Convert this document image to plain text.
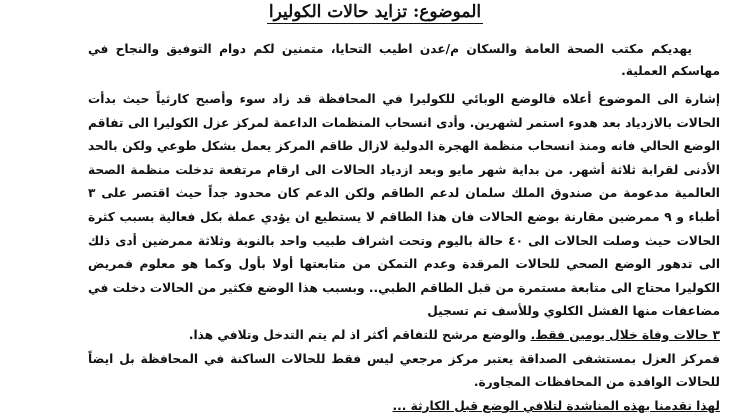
الموضوع: تزايد حالات الكوليرا

يهديكم مكتب الصحة العامة والسكان م/عدن اطيب التحايا، متمنين لكم دوام التوفيق والنجاح في مهاسكم العملية.

إشارة الى الموضوع أعلاه فالوضع الوبائي للكوليرا في المحافظة قد زاد سوء وأصبح كارثياً حيث بدأت الحالات بالازدياد بعد هدوء استمر لشهرين. وأدى انسحاب المنظمات الداعمة لمركز عزل الكوليرا الى تفاقم الوضع الحالي فانه ومنذ انسحاب منظمة الهجرة الدولية لازال طاقم المركز يعمل بشكل طوعي ولكن بالحد الأدنى لقرابة ثلاثة أشهر. من بداية شهر مايو وبعد ازدياد الحالات الى ارقام مرتفعة تدخلت منظمة الصحة العالمية مدعومة من صندوق الملك سلمان لدعم الطاقم ولكن الدعم كان محدود جداً حيث اقتصر على ٣ أطباء و ٩ ممرضين مقارنة بوضع الحالات فان هذا الطاقم لا يستطيع ان يؤدي عملة بكل فعالية بسبب كثرة الحالات حيث وصلت الحالات الى ٤٠ حالة باليوم وتحت اشراف طبيب واحد بالنوبة وثلاثة ممرضين أدى ذلك الى تدهور الوضع الصحي للحالات المرقدة وعدم التمكن من متابعتها أولا بأول وكما هو معلوم فمريض الكوليرا محتاج الى متابعة مستمرة من قبل الطاقم الطبي.. وبسبب هذا الوضع فكثير من الحالات دخلت في مضاعفات منها الفشل الكلوي وللأسف تم تسجيل
٣ حالات وفاة خلال يومين فقط. والوضع مرشح للتفاقم أكثر اذ لم يتم التدخل وتلافي هذا.

فمركز العزل بمستشفى الصداقة يعتبر مركز مرجعي ليس فقط للحالات الساكنة في المحافظة بل ايضاً للحالات الوافدة من المحافظات المجاورة.

لهذا نقدمنا بهذه المناشدة لتلافي الوضع قبل الكارثة ...
